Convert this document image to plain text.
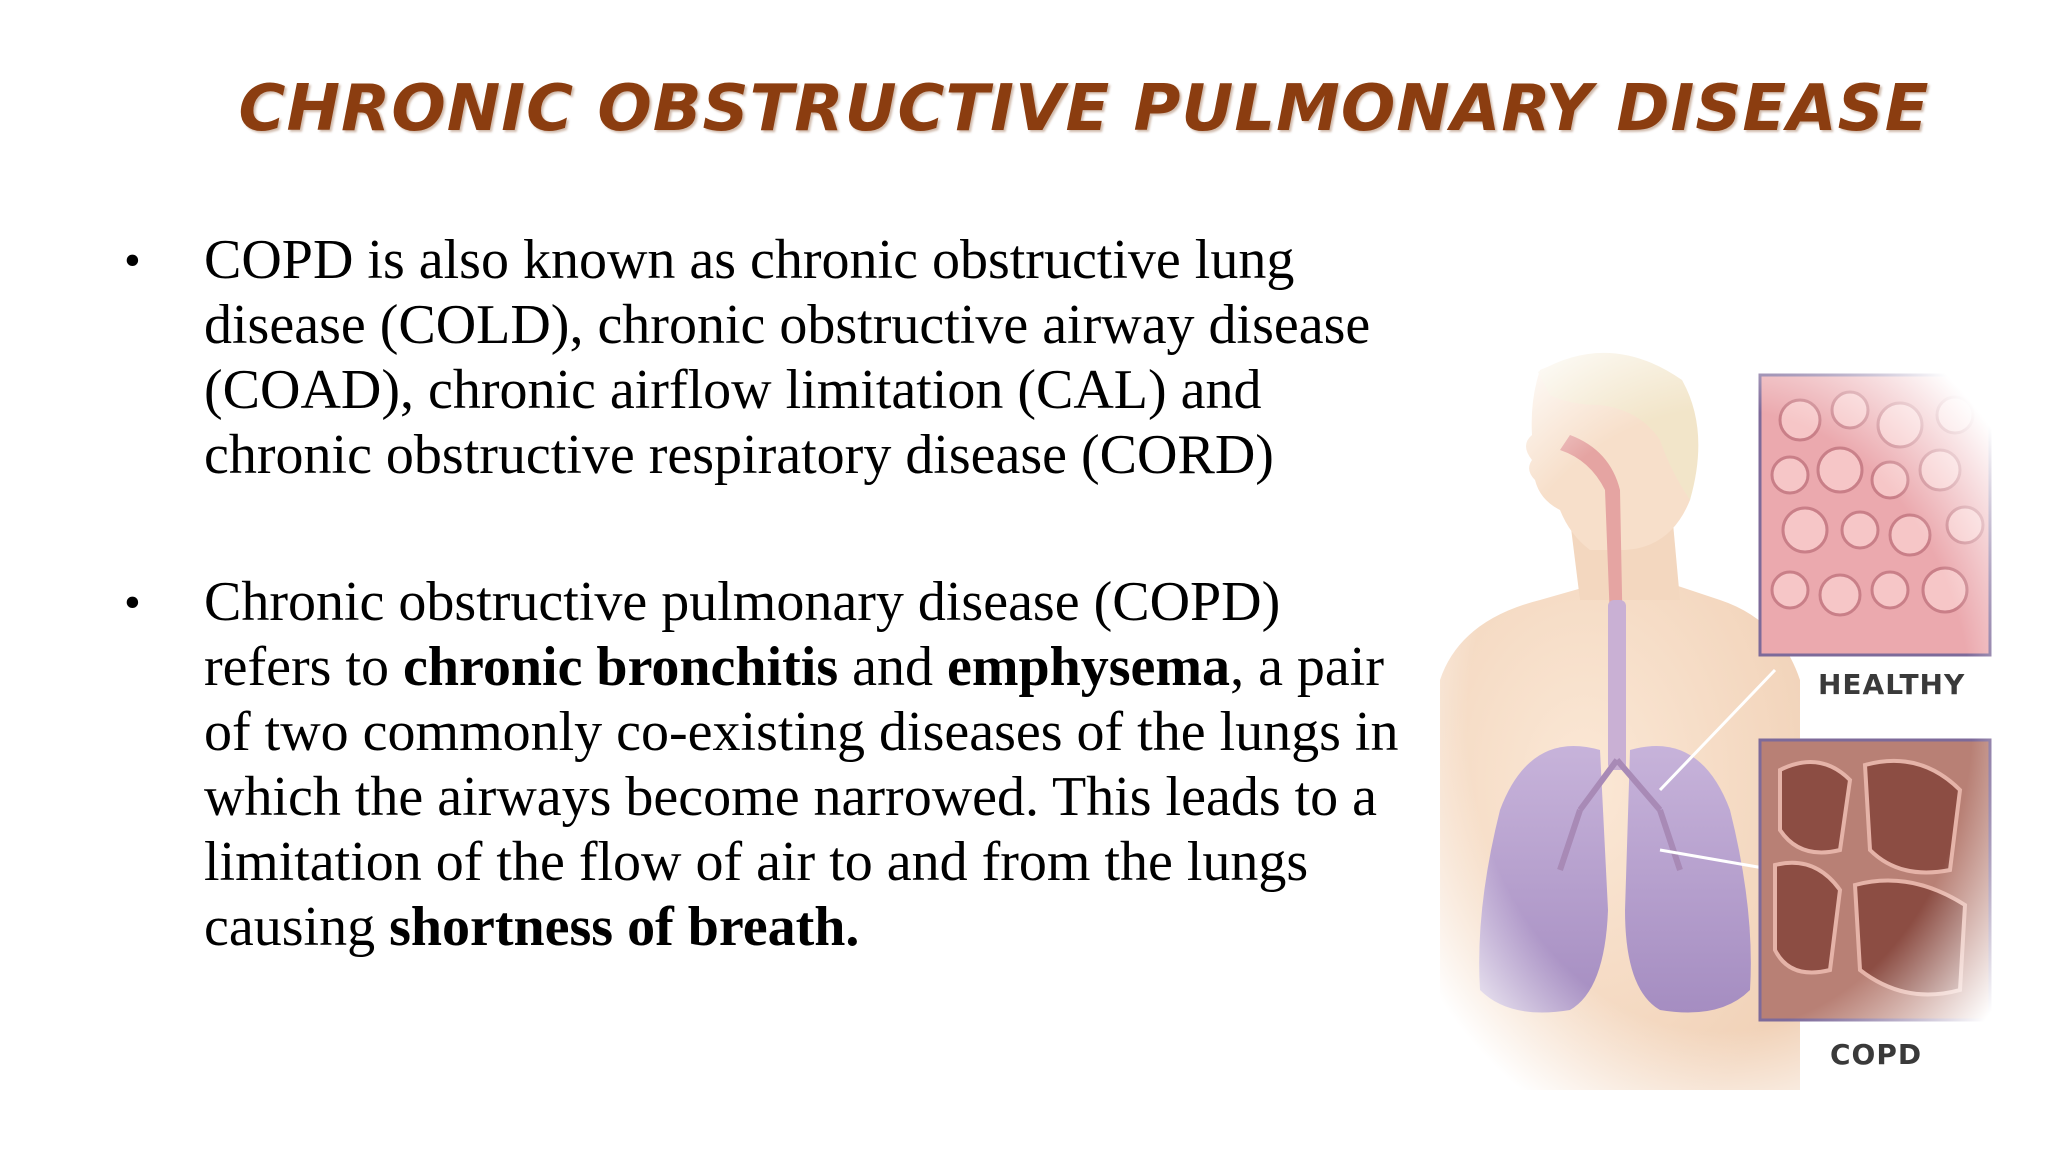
CHRONIC OBSTRUCTIVE PULMONARY DISEASE
• COPD is also known as chronic obstructive lung disease (COLD), chronic obstructive airway disease (COAD), chronic airflow limitation (CAL) and chronic obstructive respiratory disease (CORD)
• Chronic obstructive pulmonary disease (COPD) refers to chronic bronchitis and emphysema, a pair of two commonly co-existing diseases of the lungs in which the airways become narrowed. This leads to a limitation of the flow of air to and from the lungs causing shortness of breath.
HEALTHY
COPD
